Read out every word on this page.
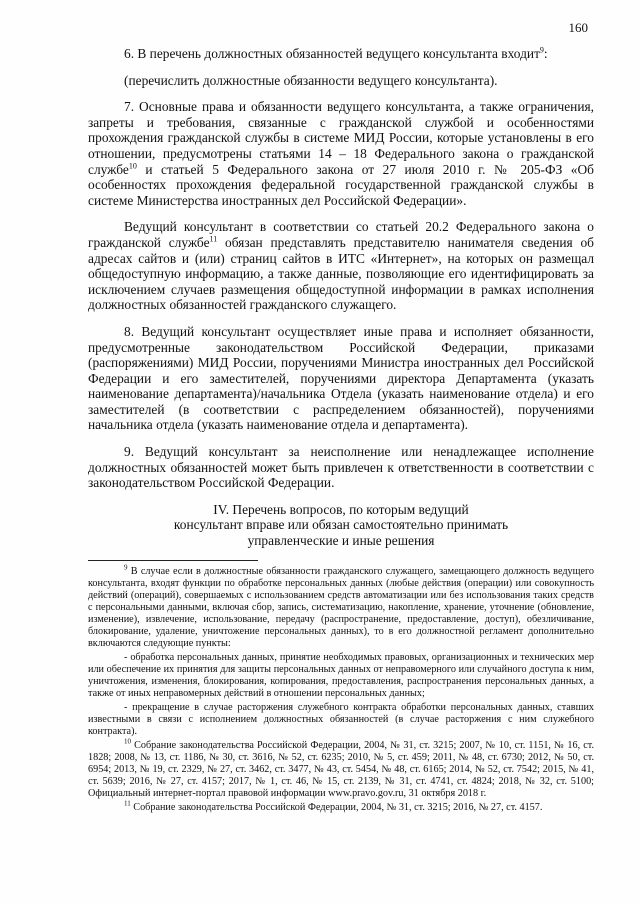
160

6. В перечень должностных обязанностей ведущего консультанта входит$^9$:

(перечислить должностные обязанности ведущего консультанта).

7. Основные права и обязанности ведущего консультанта, а также ограничения, запреты и требования, связанные с гражданской службой и особенностями прохождения гражданской службы в системе МИД России, которые установлены в его отношении, предусмотрены статьями 14 – 18 Федерального закона о гражданской службе$^{10}$ и статьей 5 Федерального закона от 27 июля 2010 г. № 205-ФЗ «Об особенностях прохождения федеральной государственной гражданской службы в системе Министерства иностранных дел Российской Федерации».

Ведущий консультант в соответствии со статьей 20.2 Федерального закона о гражданской службе$^{11}$ обязан представлять представителю нанимателя сведения об адресах сайтов и (или) страниц сайтов в ИТС «Интернет», на которых он размещал общедоступную информацию, а также данные, позволяющие его идентифицировать за исключением случаев размещения общедоступной информации в рамках исполнения должностных обязанностей гражданского служащего.

8. Ведущий консультант осуществляет иные права и исполняет обязанности, предусмотренные законодательством Российской Федерации, приказами (распоряжениями) МИД России, поручениями Министра иностранных дел Российской Федерации и его заместителей, поручениями директора Департамента (указать наименование департамента)/начальника Отдела (указать наименование отдела) и его заместителей (в соответствии с распределением обязанностей), поручениями начальника отдела (указать наименование отдела и департамента).

9. Ведущий консультант за неисполнение или ненадлежащее исполнение должностных обязанностей может быть привлечен к ответственности в соответствии с законодательством Российской Федерации.

IV. Перечень вопросов, по которым ведущий
консультант вправе или обязан самостоятельно принимать
управленческие и иные решения

$^9$ В случае если в должностные обязанности гражданского служащего, замещающего должность ведущего консультанта, входят функции по обработке персональных данных (любые действия (операции) или совокупность действий (операций), совершаемых с использованием средств автоматизации или без использования таких средств с персональными данными, включая сбор, запись, систематизацию, накопление, хранение, уточнение (обновление, изменение), извлечение, использование, передачу (распространение, предоставление, доступ), обезличивание, блокирование, удаление, уничтожение персональных данных), то в его должностной регламент дополнительно включаются следующие пункты:

- обработка персональных данных, принятие необходимых правовых, организационных и технических мер или обеспечение их принятия для защиты персональных данных от неправомерного или случайного доступа к ним, уничтожения, изменения, блокирования, копирования, предоставления, распространения персональных данных, а также от иных неправомерных действий в отношении персональных данных;

- прекращение в случае расторжения служебного контракта обработки персональных данных, ставших известными в связи с исполнением должностных обязанностей (в случае расторжения с ним служебного контракта).

$^{10}$ Собрание законодательства Российской Федерации, 2004, № 31, ст. 3215; 2007, № 10, ст. 1151, № 16, ст. 1828; 2008, № 13, ст. 1186, № 30, ст. 3616, № 52, ст. 6235; 2010, № 5, ст. 459; 2011, № 48, ст. 6730; 2012, № 50, ст. 6954; 2013, № 19, ст. 2329, № 27, ст. 3462, ст. 3477, № 43, ст. 5454, № 48, ст. 6165; 2014, № 52, ст. 7542; 2015, № 41, ст. 5639; 2016, № 27, ст. 4157; 2017, № 1, ст. 46, № 15, ст. 2139, № 31, ст. 4741, ст. 4824; 2018, № 32, ст. 5100; Официальный интернет-портал правовой информации www.pravo.gov.ru, 31 октября 2018 г.

$^{11}$ Собрание законодательства Российской Федерации, 2004, № 31, ст. 3215; 2016, № 27, ст. 4157.
